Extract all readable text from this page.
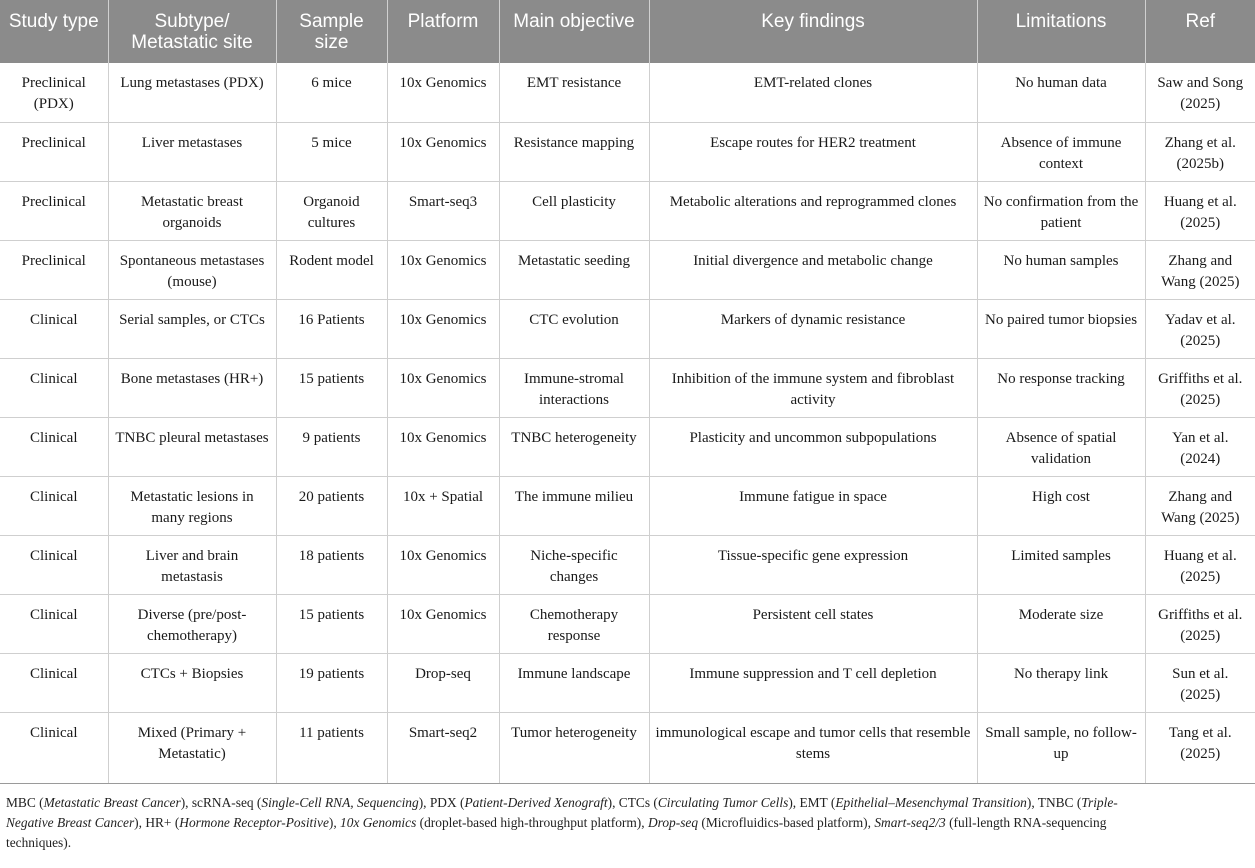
Study type	Subtype/ Metastatic site	Sample size	Platform	Main objective	Key findings	Limitations	Ref
Preclinical (PDX)	Lung metastases (PDX)	6 mice	10x Genomics	EMT resistance	EMT-related clones	No human data	Saw and Song (2025)
Preclinical	Liver metastases	5 mice	10x Genomics	Resistance mapping	Escape routes for HER2 treatment	Absence of immune context	Zhang et al. (2025b)
Preclinical	Metastatic breast organoids	Organoid cultures	Smart-seq3	Cell plasticity	Metabolic alterations and reprogrammed clones	No confirmation from the patient	Huang et al. (2025)
Preclinical	Spontaneous metastases (mouse)	Rodent model	10x Genomics	Metastatic seeding	Initial divergence and metabolic change	No human samples	Zhang and Wang (2025)
Clinical	Serial samples, or CTCs	16 Patients	10x Genomics	CTC evolution	Markers of dynamic resistance	No paired tumor biopsies	Yadav et al. (2025)
Clinical	Bone metastases (HR+)	15 patients	10x Genomics	Immune-stromal interactions	Inhibition of the immune system and fibroblast activity	No response tracking	Griffiths et al. (2025)
Clinical	TNBC pleural metastases	9 patients	10x Genomics	TNBC heterogeneity	Plasticity and uncommon subpopulations	Absence of spatial validation	Yan et al. (2024)
Clinical	Metastatic lesions in many regions	20 patients	10x + Spatial	The immune milieu	Immune fatigue in space	High cost	Zhang and Wang (2025)
Clinical	Liver and brain metastasis	18 patients	10x Genomics	Niche-specific changes	Tissue-specific gene expression	Limited samples	Huang et al. (2025)
Clinical	Diverse (pre/post-chemotherapy)	15 patients	10x Genomics	Chemotherapy response	Persistent cell states	Moderate size	Griffiths et al. (2025)
Clinical	CTCs + Biopsies	19 patients	Drop-seq	Immune landscape	Immune suppression and T cell depletion	No therapy link	Sun et al. (2025)
Clinical	Mixed (Primary + Metastatic)	11 patients	Smart-seq2	Tumor heterogeneity	immunological escape and tumor cells that resemble stems	Small sample, no follow-up	Tang et al. (2025)
MBC (Metastatic Breast Cancer), scRNA-seq (Single-Cell RNA, Sequencing), PDX (Patient-Derived Xenograft), CTCs (Circulating Tumor Cells), EMT (Epithelial–Mesenchymal Transition), TNBC (Triple-Negative Breast Cancer), HR+ (Hormone Receptor-Positive), 10x Genomics (droplet-based high-throughput platform), Drop-seq (Microfluidics-based platform), Smart-seq2/3 (full-length RNA-sequencing techniques).
